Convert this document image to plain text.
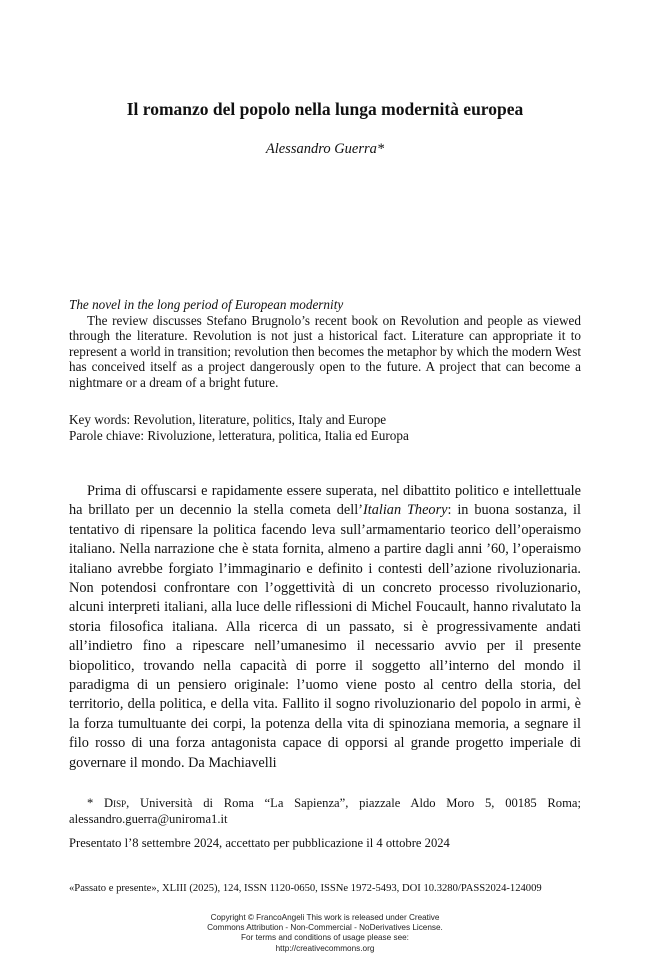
Il romanzo del popolo nella lunga modernità europea
Alessandro Guerra*
The novel in the long period of European modernity
The review discusses Stefano Brugnolo’s recent book on Revolution and people as viewed through the literature. Revolution is not just a historical fact. Literature can appropriate it to represent a world in transition; revolution then becomes the metaphor by which the modern West has conceived itself as a project dangerously open to the future. A project that can become a nightmare or a dream of a bright future.
Key words: Revolution, literature, politics, Italy and Europe
Parole chiave: Rivoluzione, letteratura, politica, Italia ed Europa

Prima di offuscarsi e rapidamente essere superata, nel dibattito politico e intellettuale ha brillato per un decennio la stella cometa dell’Italian Theory: in buona sostanza, il tentativo di ripensare la politica facendo leva sull’armamentario teorico dell’operaismo italiano. Nella narrazione che è stata fornita, almeno a partire dagli anni ’60, l’operaismo italiano avrebbe forgiato l’immaginario e definito i contesti dell’azione rivoluzionaria. Non potendosi confrontare con l’oggettività di un concreto processo rivoluzionario, alcuni interpreti italiani, alla luce delle riflessioni di Michel Foucault, hanno rivalutato la storia filosofica italiana. Alla ricerca di un passato, si è progressivamente andati all’indietro fino a ripescare nell’umanesimo il necessario avvio per il presente biopolitico, trovando nella capacità di porre il soggetto all’interno del mondo il paradigma di un pensiero originale: l’uomo viene posto al centro della storia, del territorio, della politica, e della vita. Fallito il sogno rivoluzionario del popolo in armi, è la forza tumultuante dei corpi, la potenza della vita di spinoziana memoria, a segnare il filo rosso di una forza antagonista capace di opporsi al grande progetto imperiale di governare il mondo. Da Machiavelli

* Disp, Università di Roma “La Sapienza”, piazzale Aldo Moro 5, 00185 Roma; alessandro.guerra@uniroma1.it
Presentato l’8 settembre 2024, accettato per pubblicazione il 4 ottobre 2024
«Passato e presente», XLIII (2025), 124, ISSN 1120-0650, ISSNe 1972-5493, DOI 10.3280/PASS2024-124009
Copyright © FrancoAngeli This work is released under Creative
Commons Attribution - Non-Commercial - NoDerivatives License.
For terms and conditions of usage please see:
http://creativecommons.org
